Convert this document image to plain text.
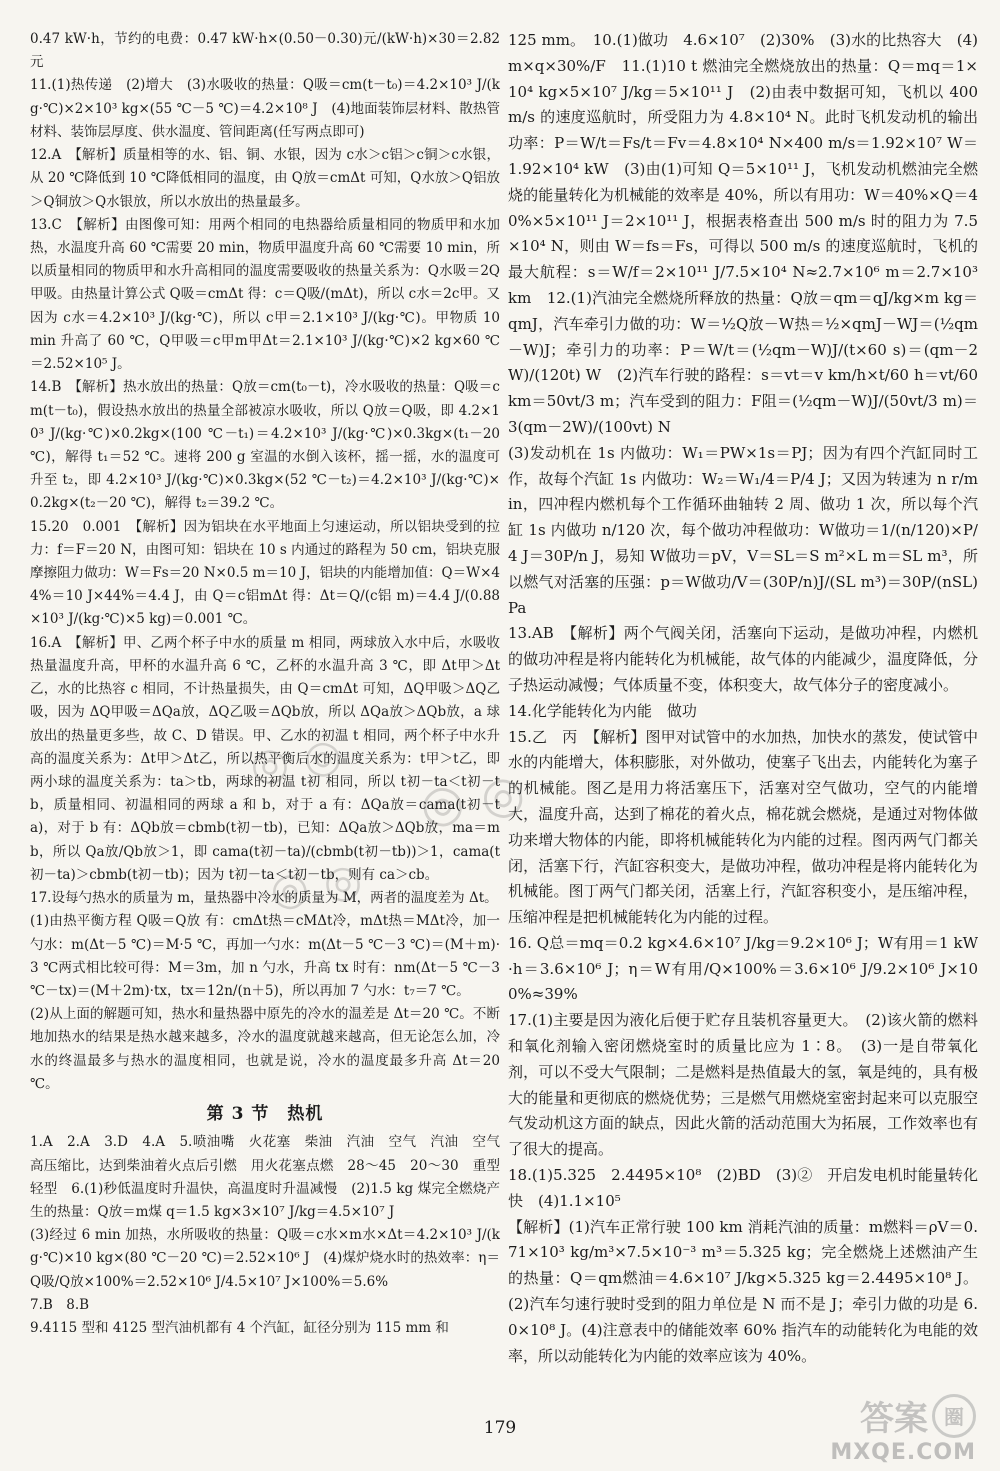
0.47 kW·h，节约的电费：0.47 kW·h×(0.50－0.30)元/(kW·h)×30＝2.82 元

11.(1)热传递　(2)增大　(3)水吸收的热量：Q吸＝cm(t－t₀)＝4.2×10³ J/(kg·℃)×2×10³ kg×(55 ℃－5 ℃)＝4.2×10⁸ J　(4)地面装饰层材料、散热管材料、装饰层厚度、供水温度、管间距离(任写两点即可)

12.A　【解析】质量相等的水、铝、铜、水银，因为 c水＞c铝＞c铜＞c水银，从 20 ℃降低到 10 ℃降低相同的温度，由 Q放＝cmΔt 可知，Q水放＞Q铝放＞Q铜放＞Q水银放，所以水放出的热量最多。

13.C　【解析】由图像可知：用两个相同的电热器给质量相同的物质甲和水加热，水温度升高 60 ℃需要 20 min，物质甲温度升高 60 ℃需要 10 min，所以质量相同的物质甲和水升高相同的温度需要吸收的热量关系为：Q水吸＝2Q甲吸。由热量计算公式 Q吸＝cmΔt 得：c＝Q吸/(mΔt)，所以 c水＝2c甲。又因为 c水＝4.2×10³ J/(kg·℃)，所以 c甲＝2.1×10³ J/(kg·℃)。甲物质 10 min 升高了 60 ℃，Q甲吸＝c甲m甲Δt＝2.1×10³ J/(kg·℃)×2 kg×60 ℃＝2.52×10⁵ J。

14.B　【解析】热水放出的热量：Q放＝cm(t₀－t)，冷水吸收的热量：Q吸＝cm(t－t₀)，假设热水放出的热量全部被凉水吸收，所以 Q放＝Q吸，即 4.2×10³ J/(kg·℃)×0.2kg×(100 ℃－t₁)＝4.2×10³ J/(kg·℃)×0.3kg×(t₁－20 ℃)，解得 t₁＝52 ℃。速将 200 g 室温的水倒入该杯，摇一摇，水的温度可升至 t₂，即 4.2×10³ J/(kg·℃)×0.3kg×(52 ℃－t₂)＝4.2×10³ J/(kg·℃)×0.2kg×(t₂－20 ℃)，解得 t₂＝39.2 ℃。

15.20　0.001　【解析】因为铝块在水平地面上匀速运动，所以铝块受到的拉力：f＝F＝20 N，由图可知：铝块在 10 s 内通过的路程为 50 cm，铝块克服摩擦阻力做功：W＝Fs＝20 N×0.5 m＝10 J，铝块的内能增加值：Q＝W×44%＝10 J×44%＝4.4 J，由 Q＝c铝mΔt 得：Δt＝Q/(c铝 m)＝4.4 J/(0.88×10³ J/(kg·℃)×5 kg)＝0.001 ℃。

16.A　【解析】甲、乙两个杯子中水的质量 m 相同，两球放入水中后，水吸收热量温度升高，甲杯的水温升高 6 ℃，乙杯的水温升高 3 ℃，即 Δt甲＞Δt乙，水的比热容 c 相同，不计热量损失，由 Q＝cmΔt 可知，ΔQ甲吸＞ΔQ乙吸，因为 ΔQ甲吸＝ΔQa放，ΔQ乙吸＝ΔQb放，所以 ΔQa放＞ΔQb放，a 球放出的热量更多些，故 C、D 错误。甲、乙水的初温 t 相同，两个杯子中水升高的温度关系为：Δt甲＞Δt乙，所以热平衡后水的温度关系为：t甲＞t乙，即两小球的温度关系为：ta＞tb，两球的初温 t初 相同，所以 t初－ta＜t初－tb，质量相同、初温相同的两球 a 和 b，对于 a 有：ΔQa放＝cama(t初－ta)，对于 b 有：ΔQb放＝cbmb(t初－tb)，已知：ΔQa放＞ΔQb放，ma＝mb，所以 Qa放/Qb放＞1，即 cama(t初－ta)/(cbmb(t初－tb))＞1，camа(t初－ta)＞cbmb(t初－tb)；因为 t初－ta＜t初－tb，则有 ca＞cb。

17.设每勺热水的质量为 m，量热器中冷水的质量为 M，两者的温度差为 Δt。

(1)由热平衡方程 Q吸＝Q放 有：cmΔt热＝cMΔt冷，mΔt热＝MΔt冷，加一勺水：m(Δt－5 ℃)＝M·5 ℃，再加一勺水：m(Δt－5 ℃－3 ℃)＝(M＋m)·3 ℃两式相比较可得：M＝3m，加 n 勺水，升高 tx 时有：nm(Δt－5 ℃－3 ℃－tx)＝(M＋2m)·tx，tx＝12n/(n＋5)，所以再加 7 勺水：t₇＝7 ℃。

(2)从上面的解题可知，热水和量热器中原先的冷水的温差是 Δt＝20 ℃。不断地加热水的结果是热水越来越多，冷水的温度就越来越高，但无论怎么加，冷水的终温最多与热水的温度相同，也就是说，冷水的温度最多升高 Δt＝20 ℃。

第 3 节　热机

1.A　2.A　3.D　4.A　5.喷油嘴　火花塞　柴油　汽油　空气　汽油　空气　高压缩比，达到柴油着火点后引燃　用火花塞点燃　28～45　20～30　重型　轻型　6.(1)秒低温度时升温快，高温度时升温减慢　(2)1.5 kg 煤完全燃烧产生的热量：Q放＝m煤 q＝1.5 kg×3×10⁷ J/kg＝4.5×10⁷ J

(3)经过 6 min 加热，水所吸收的热量：Q吸＝c水×m水×Δt＝4.2×10³ J/(kg·℃)×10 kg×(80 ℃－20 ℃)＝2.52×10⁶ J　(4)煤炉烧水时的热效率：η＝Q吸/Q放×100%＝2.52×10⁶ J/4.5×10⁷ J×100%＝5.6%

7.B　8.B

9.4115 型和 4125 型汽油机都有 4 个汽缸，缸径分别为 115 mm 和

125 mm。　10.(1)做功　4.6×10⁷　(2)30%　(3)水的比热容大　(4) m×q×30%/F　11.(1)10 t 燃油完全燃烧放出的热量：Q＝mq＝1×10⁴ kg×5×10⁷ J/kg＝5×10¹¹ J　(2)由表中数据可知，飞机以 400 m/s 的速度巡航时，所受阻力为 4.8×10⁴ N。此时飞机发动机的输出功率：P＝W/t＝Fs/t＝Fv＝4.8×10⁴ N×400 m/s＝1.92×10⁷ W＝1.92×10⁴ kW　(3)由(1)可知 Q＝5×10¹¹ J，飞机发动机燃油完全燃烧的能量转化为机械能的效率是 40%，所以有用功：W＝40%×Q＝40%×5×10¹¹ J＝2×10¹¹ J，根据表格查出 500 m/s 时的阻力为 7.5×10⁴ N，则由 W＝fs＝Fs，可得以 500 m/s 的速度巡航时，飞机的最大航程：s＝W/f＝2×10¹¹ J/7.5×10⁴ N≈2.7×10⁶ m＝2.7×10³ km　12.(1)汽油完全燃烧所释放的热量：Q放＝qm＝qJ/kg×m kg＝qmJ，汽车牵引力做的功：W＝½Q放－W热＝½×qmJ－WJ＝(½qm－W)J；牵引力的功率：P＝W/t＝(½qm－W)J/(t×60 s)＝(qm－2W)/(120t) W　(2)汽车行驶的路程：s＝vt＝v km/h×t/60 h＝vt/60 km＝50vt/3 m；汽车受到的阻力：F阻＝(½qm－W)J/(50vt/3 m)＝3(qm－2W)/(100vt) N

(3)发动机在 1s 内做功：W₁＝PW×1s＝PJ；因为有四个汽缸同时工作，故每个汽缸 1s 内做功：W₂＝W₁/4＝P/4 J；又因为转速为 n r/min，四冲程内燃机每个工作循环曲轴转 2 周、做功 1 次，所以每个汽缸 1s 内做功 n/120 次，每个做功冲程做功：W做功＝1/(n/120)×P/4 J＝30P/n J，易知 W做功＝pV，V＝SL＝S m²×L m＝SL m³，所以燃气对活塞的压强：p＝W做功/V＝(30P/n)J/(SL m³)＝30P/(nSL) Pa

13.AB　【解析】两个气阀关闭，活塞向下运动，是做功冲程，内燃机的做功冲程是将内能转化为机械能，故气体的内能减少，温度降低，分子热运动减慢；气体质量不变，体积变大，故气体分子的密度减小。

14.化学能转化为内能　做功

15.乙　丙　【解析】图甲对试管中的水加热，加快水的蒸发，使试管中水的内能增大，体积膨胀，对外做功，使塞子飞出去，内能转化为塞子的机械能。图乙是用力将活塞压下，活塞对空气做功，空气的内能增大，温度升高，达到了棉花的着火点，棉花就会燃烧，是通过对物体做功来增大物体的内能，即将机械能转化为内能的过程。图丙两气门都关闭，活塞下行，汽缸容积变大，是做功冲程，做功冲程是将内能转化为机械能。图丁两气门都关闭，活塞上行，汽缸容积变小，是压缩冲程，压缩冲程是把机械能转化为内能的过程。

16. Q总＝mq＝0.2 kg×4.6×10⁷ J/kg＝9.2×10⁶ J；W有用＝1 kW·h＝3.6×10⁶ J；η＝W有用/Q×100%＝3.6×10⁶ J/9.2×10⁶ J×100%≈39%

17.(1)主要是因为液化后便于贮存且装机容量更大。　(2)该火箭的燃料和氧化剂输入密闭燃烧室时的质量比应为 1∶8。　(3)一是自带氧化剂，可以不受大气限制；二是燃料是热值最大的氢，氧是纯的，具有极大的能量和更彻底的燃烧优势；三是燃气用燃烧室密封起来可以克服空气发动机这方面的缺点，因此火箭的活动范围大为拓展，工作效率也有了很大的提高。

18.(1)5.325　2.4495×10⁸　(2)BD　(3)②　开启发电机时能量转化快　(4)1.1×10⁵

【解析】(1)汽车正常行驶 100 km 消耗汽油的质量：m燃料＝ρV＝0.71×10³ kg/m³×7.5×10⁻³ m³＝5.325 kg；完全燃烧上述燃油产生的热量：Q＝qm燃油＝4.6×10⁷ J/kg×5.325 kg＝2.4495×10⁸ J。(2)汽车匀速行驶时受到的阻力单位是 N 而不是 J；牵引力做的功是 6.0×10⁸ J。(4)注意表中的储能效率 60% 指汽车的动能转化为电能的效率，所以动能转化为内能的效率应该为 40%。

◎ ◎
◎ ◎
◎ ◎
179	答案 圈
MXQE.COM
